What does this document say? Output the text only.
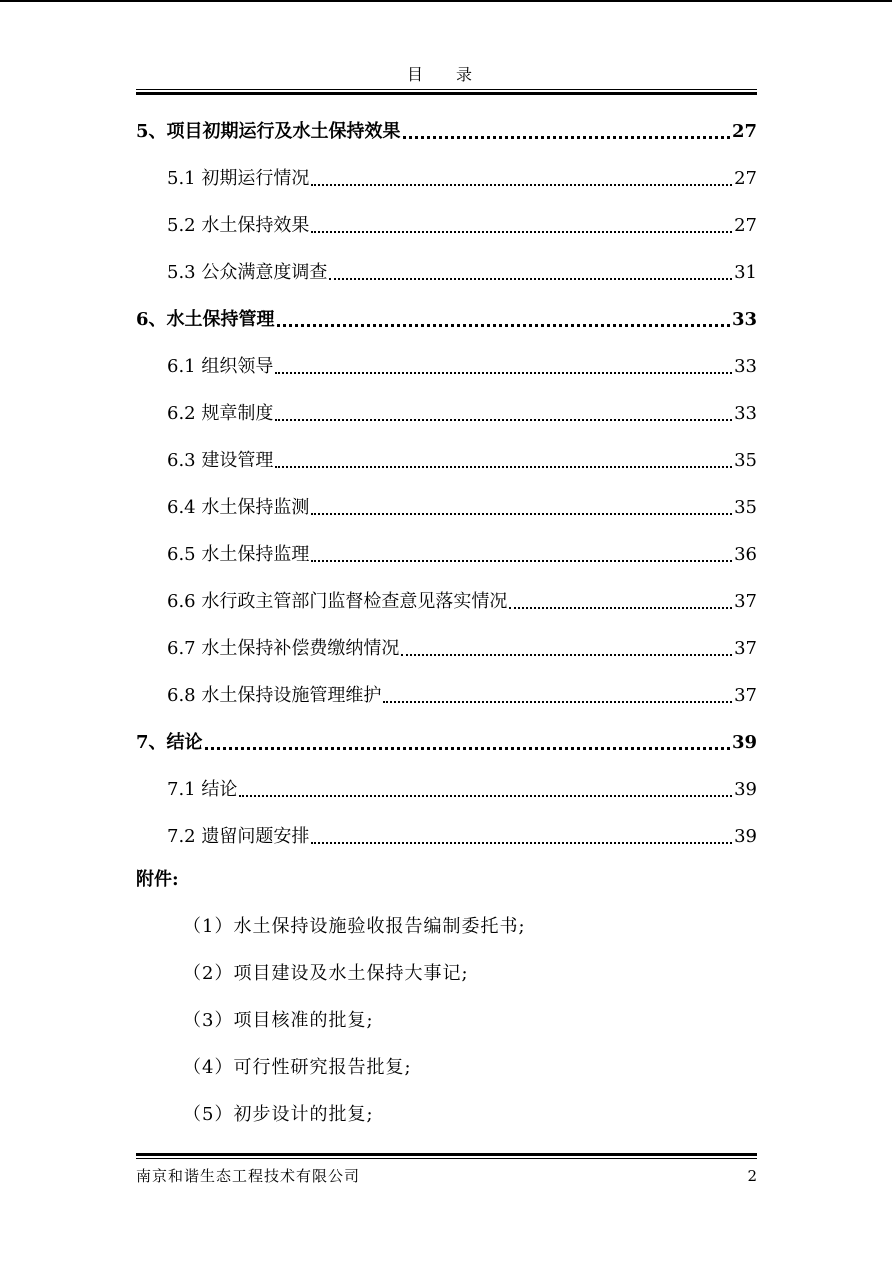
目 录
5、项目初期运行及水土保持效果	27
5.1 初期运行情况	27
5.2 水土保持效果	27
5.3 公众满意度调查	31
6、水土保持管理	33
6.1 组织领导	33
6.2 规章制度	33
6.3 建设管理	35
6.4 水土保持监测	35
6.5 水土保持监理	36
6.6 水行政主管部门监督检查意见落实情况	37
6.7 水土保持补偿费缴纳情况	37
6.8 水土保持设施管理维护	37
7、结论	39
7.1 结论	39
7.2 遗留问题安排	39
附件:
（1）水土保持设施验收报告编制委托书;
（2）项目建设及水土保持大事记;
（3）项目核准的批复;
（4）可行性研究报告批复;
（5）初步设计的批复;
南京和谐生态工程技术有限公司	2
